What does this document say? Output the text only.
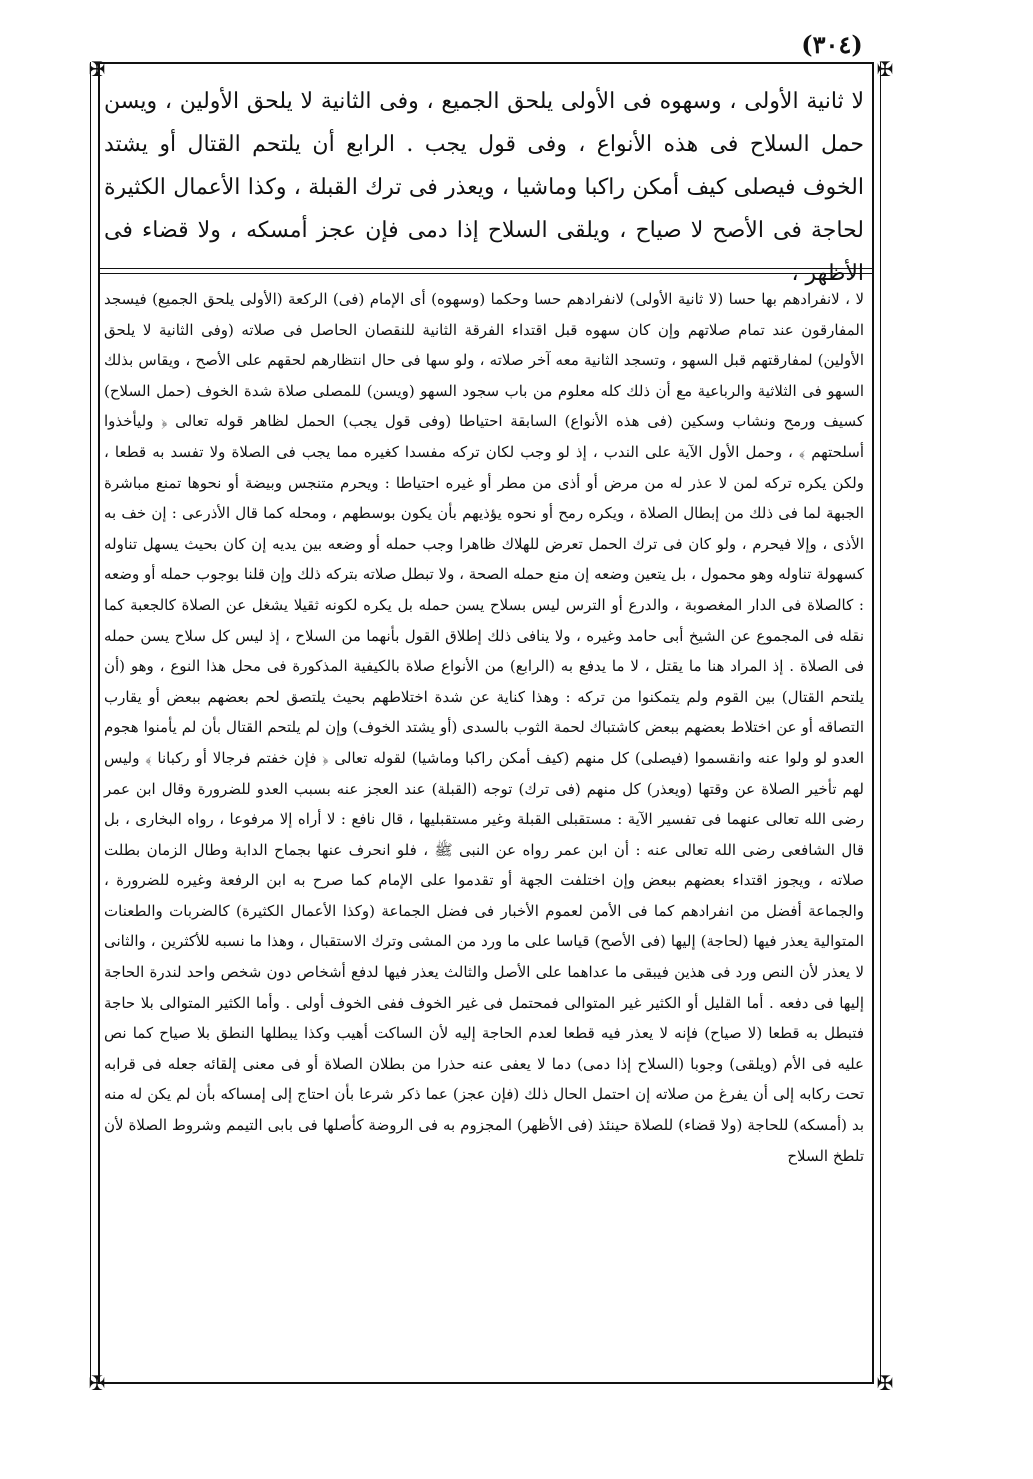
(٣٠٤)
✠	✠
✠	✠

لا ثانية الأولى ، وسهوه فى الأولى يلحق الجميع ، وفى الثانية لا يلحق الأولين ، ويسن حمل السلاح فى هذه الأنواع ، وفى قول يجب . الرابع أن يلتحم القتال أو يشتد الخوف فيصلى كيف أمكن راكبا وماشيا ، ويعذر فى ترك القبلة ، وكذا الأعمال الكثيرة لحاجة فى الأصح لا صياح ، ويلقى السلاح إذا دمى فإن عجز أمسكه ، ولا قضاء فى الأظهر ،

لا ، لانفرادهم بها حسا (لا ثانية الأولى) لانفرادهم حسا وحكما (وسهوه) أى الإمام (فى) الركعة (الأولى يلحق الجميع) فيسجد المفارقون عند تمام صلاتهم وإن كان سهوه قبل اقتداء الفرقة الثانية للنقصان الحاصل فى صلاته (وفى الثانية لا يلحق الأولين) لمفارقتهم قبل السهو ، وتسجد الثانية معه آخر صلاته ، ولو سها فى حال انتظارهم لحقهم على الأصح ، ويقاس بذلك السهو فى الثلاثية والرباعية مع أن ذلك كله معلوم من باب سجود السهو (ويسن) للمصلى صلاة شدة الخوف (حمل السلاح) كسيف ورمح ونشاب وسكين (فى هذه الأنواع) السابقة احتياطا (وفى قول يجب) الحمل لظاهر قوله تعالى ﴿ وليأخذوا أسلحتهم ﴾ ، وحمل الأول الآية على الندب ، إذ لو وجب لكان تركه مفسدا كغيره مما يجب فى الصلاة ولا تفسد به قطعا ، ولكن يكره تركه لمن لا عذر له من مرض أو أذى من مطر أو غيره احتياطا : ويحرم متنجس وبيضة أو نحوها تمنع مباشرة الجبهة لما فى ذلك من إبطال الصلاة ، ويكره رمح أو نحوه يؤذيهم بأن يكون بوسطهم ، ومحله كما قال الأذرعى : إن خف به الأذى ، وإلا فيحرم ، ولو كان فى ترك الحمل تعرض للهلاك ظاهرا وجب حمله أو وضعه بين يديه إن كان بحيث يسهل تناوله كسهولة تناوله وهو محمول ، بل يتعين وضعه إن منع حمله الصحة ، ولا تبطل صلاته بتركه ذلك وإن قلنا بوجوب حمله أو وضعه : كالصلاة فى الدار المغصوبة ، والدرع أو الترس ليس بسلاح يسن حمله بل يكره لكونه ثقيلا يشغل عن الصلاة كالجعبة كما نقله فى المجموع عن الشيخ أبى حامد وغيره ، ولا ينافى ذلك إطلاق القول بأنهما من السلاح ، إذ ليس كل سلاح يسن حمله فى الصلاة . إذ المراد هنا ما يقتل ، لا ما يدفع به (الرابع) من الأنواع صلاة بالكيفية المذكورة فى محل هذا النوع ، وهو (أن يلتحم القتال) بين القوم ولم يتمكنوا من تركه : وهذا كناية عن شدة اختلاطهم بحيث يلتصق لحم بعضهم ببعض أو يقارب التصاقه أو عن اختلاط بعضهم ببعض كاشتباك لحمة الثوب بالسدى (أو يشتد الخوف) وإن لم يلتحم القتال بأن لم يأمنوا هجوم العدو لو ولوا عنه وانقسموا (فيصلى) كل منهم (كيف أمكن راكبا وماشيا) لقوله تعالى ﴿ فإن خفتم فرجالا أو ركبانا ﴾ وليس لهم تأخير الصلاة عن وقتها (ويعذر) كل منهم (فى ترك) توجه (القبلة) عند العجز عنه بسبب العدو للضرورة وقال ابن عمر رضى الله تعالى عنهما فى تفسير الآية : مستقبلى القبلة وغير مستقبليها ، قال نافع : لا أراه إلا مرفوعا ، رواه البخارى ، بل قال الشافعى رضى الله تعالى عنه : أن ابن عمر رواه عن النبى ﷺ ، فلو انحرف عنها بجماح الدابة وطال الزمان بطلت صلاته ، ويجوز اقتداء بعضهم ببعض وإن اختلفت الجهة أو تقدموا على الإمام كما صرح به ابن الرفعة وغيره للضرورة ، والجماعة أفضل من انفرادهم كما فى الأمن لعموم الأخبار فى فضل الجماعة (وكذا الأعمال الكثيرة) كالضربات والطعنات المتوالية يعذر فيها (لحاجة) إليها (فى الأصح) قياسا على ما ورد من المشى وترك الاستقبال ، وهذا ما نسبه للأكثرين ، والثانى لا يعذر لأن النص ورد فى هذين فيبقى ما عداهما على الأصل والثالث يعذر فيها لدفع أشخاص دون شخص واحد لندرة الحاجة إليها فى دفعه . أما القليل أو الكثير غير المتوالى فمحتمل فى غير الخوف ففى الخوف أولى . وأما الكثير المتوالى بلا حاجة فتبطل به قطعا (لا صياح) فإنه لا يعذر فيه قطعا لعدم الحاجة إليه لأن الساكت أهيب وكذا يبطلها النطق بلا صياح كما نص عليه فى الأم (ويلقى) وجوبا (السلاح إذا دمى) دما لا يعفى عنه حذرا من بطلان الصلاة أو فى معنى إلقائه جعله فى قرابه تحت ركابه إلى أن يفرغ من صلاته إن احتمل الحال ذلك (فإن عجز) عما ذكر شرعا بأن احتاج إلى إمساكه بأن لم يكن له منه بد (أمسكه) للحاجة (ولا قضاء) للصلاة حينئذ (فى الأظهر) المجزوم به فى الروضة كأصلها فى بابى التيمم وشروط الصلاة لأن تلطخ السلاح
